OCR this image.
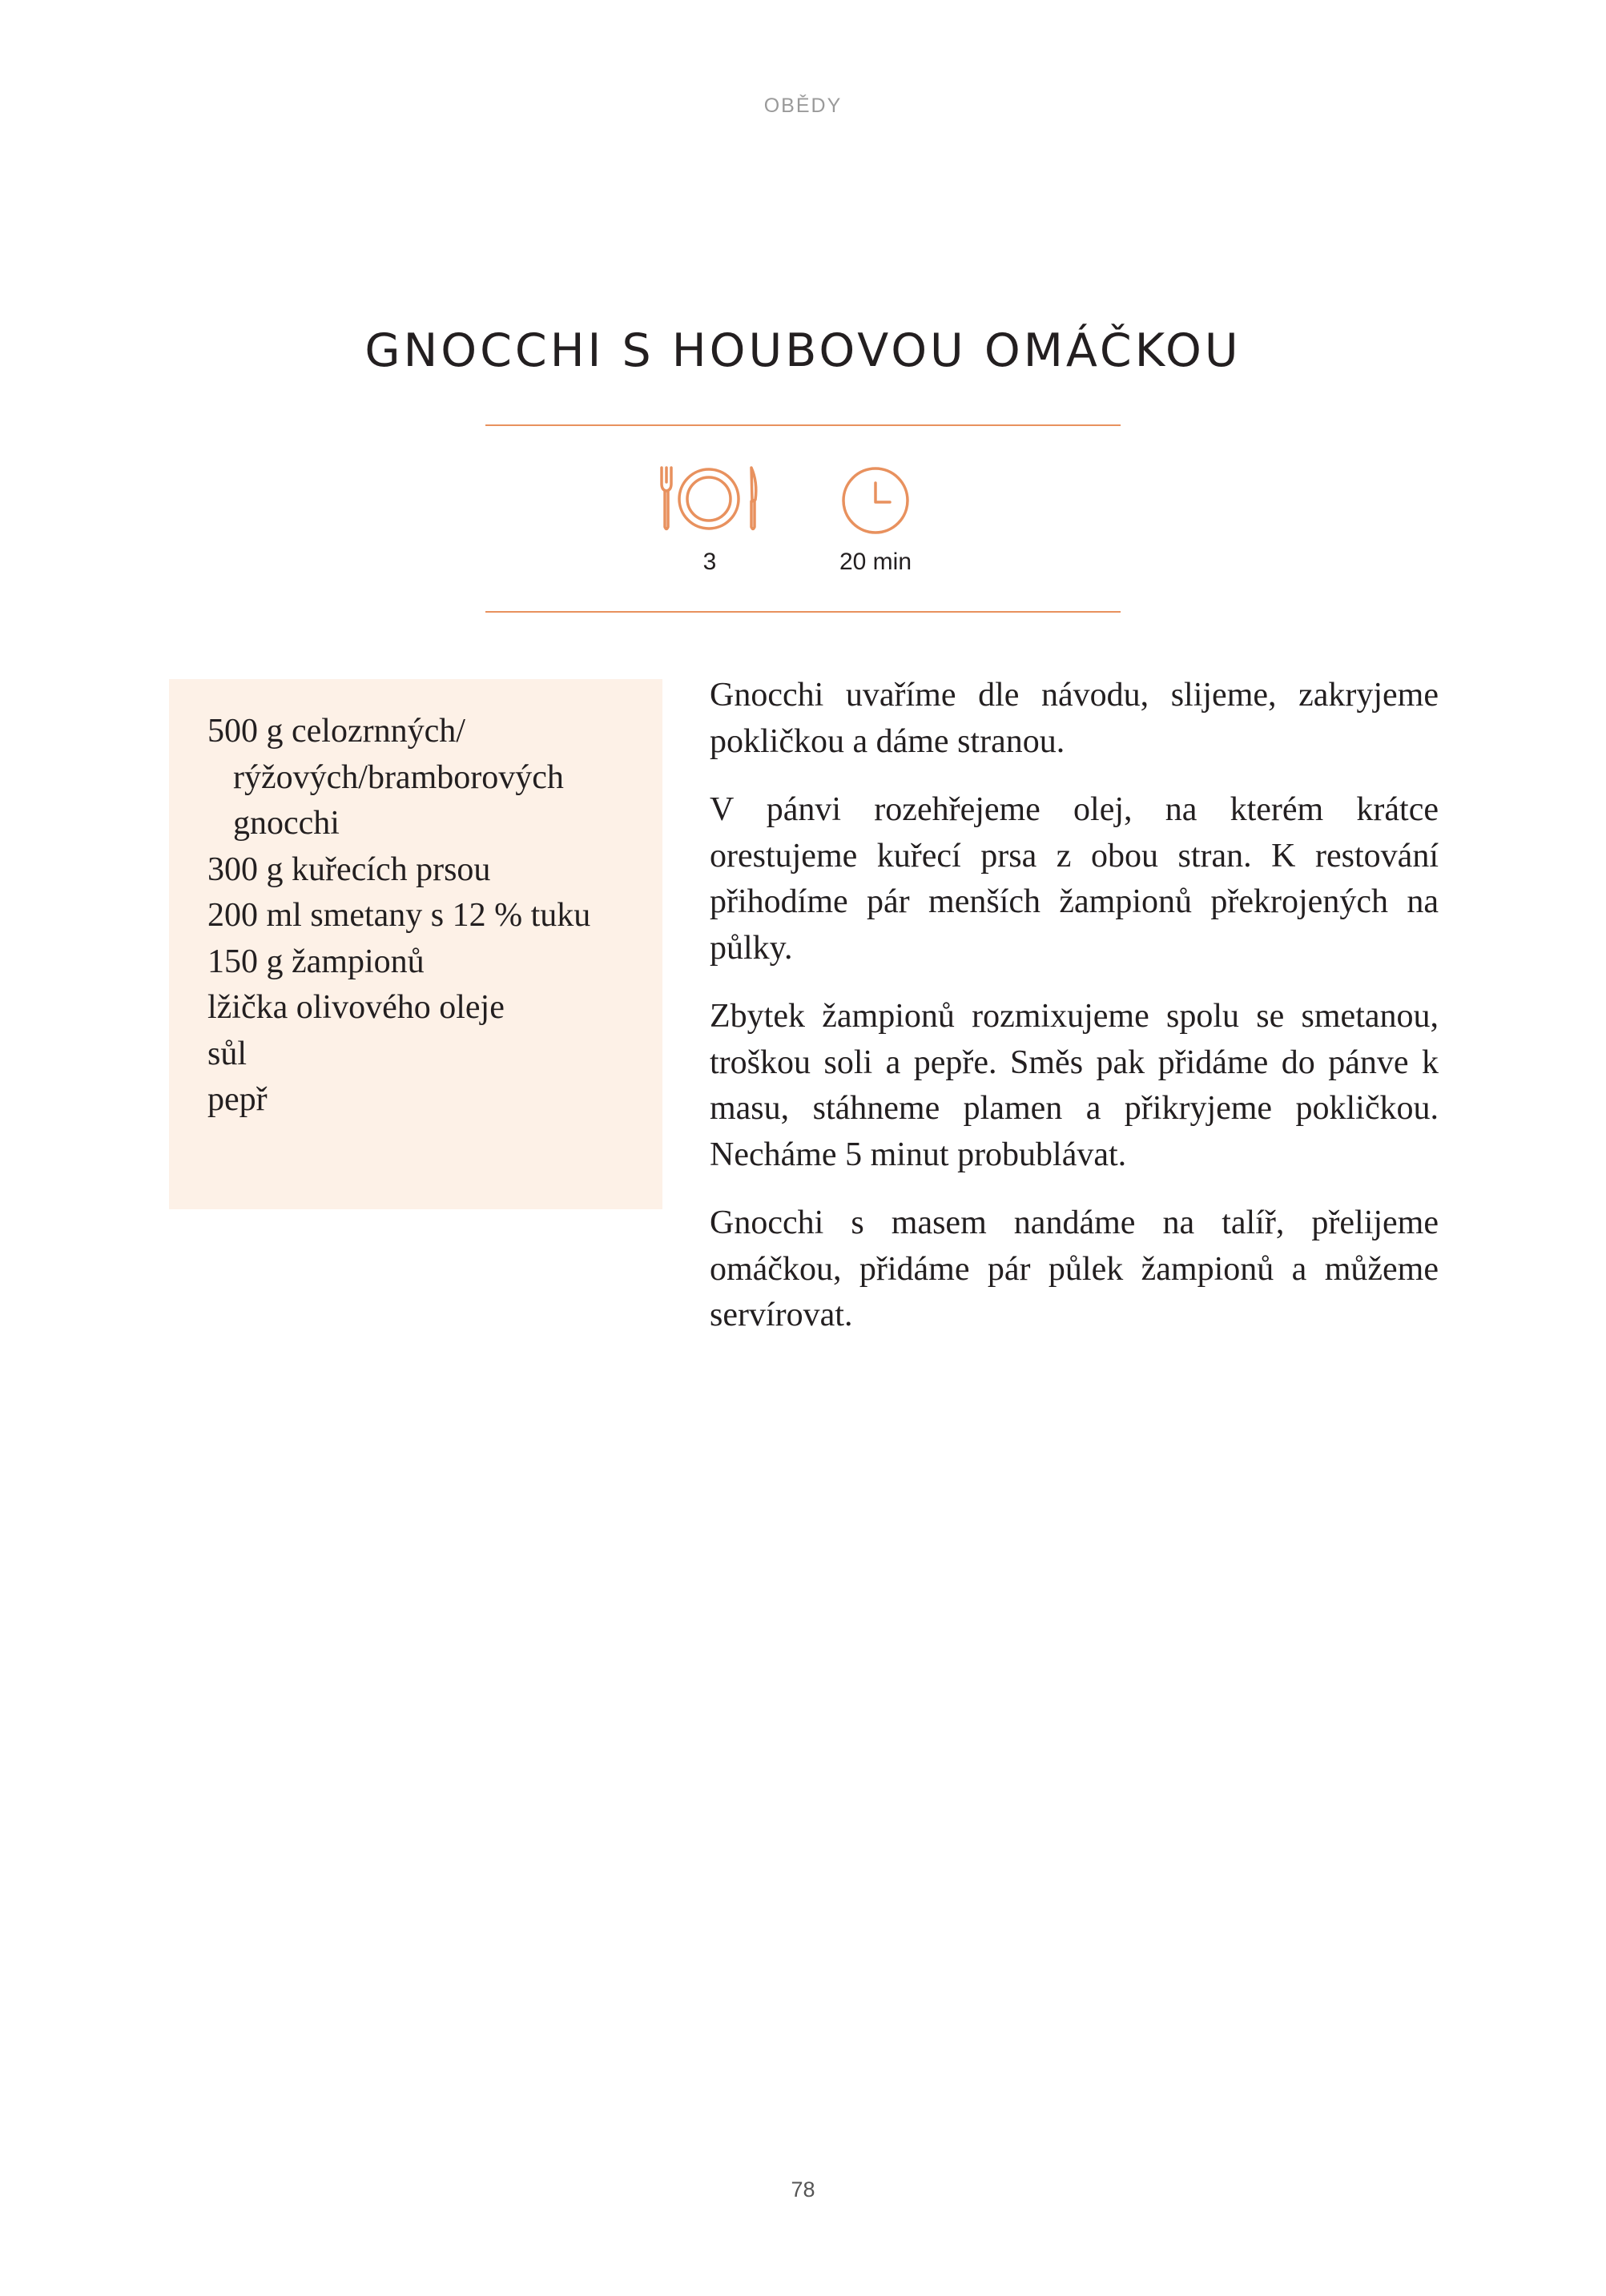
OBĚDY
GNOCCHI S HOUBOVOU OMÁČKOU
3	20 min
500 g celozrnných/ rýžových/bramborových gnocchi
300 g kuřecích prsou
200 ml smetany s 12 % tuku
150 g žampionů
lžička olivového oleje
sůl
pepř

Gnocchi uvaříme dle návodu, slijeme, zakryjeme pokličkou a dáme stranou.

V pánvi rozehřejeme olej, na kterém krátce orestujeme kuřecí prsa z obou stran. K restování přihodíme pár menších žampionů překrojených na půlky.

Zbytek žampionů rozmixujeme spolu se smetanou, troškou soli a pepře. Směs pak přidáme do pánve k masu, stáhneme plamen a přikryjeme pokličkou. Necháme 5 minut probublávat.

Gnocchi s masem nandáme na talíř, přelijeme omáčkou, přidáme pár půlek žampionů a můžeme servírovat.

78
